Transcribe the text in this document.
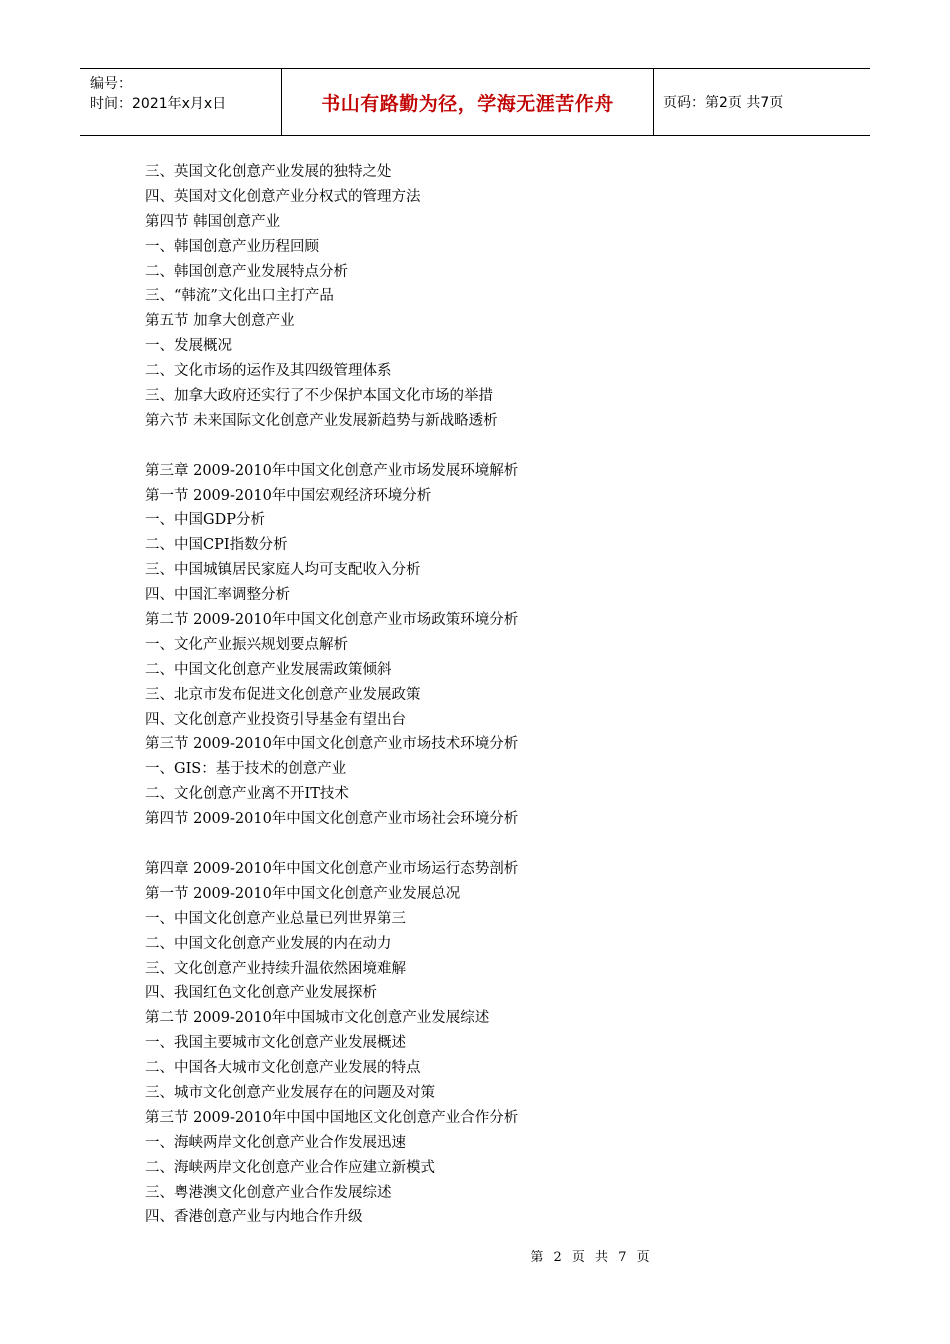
编号：
时间：2021年x月x日	书山有路勤为径，学海无涯苦作舟	页码：第2页 共7页
三、英国文化创意产业发展的独特之处
四、英国对文化创意产业分权式的管理方法
第四节 韩国创意产业
一、韩国创意产业历程回顾
二、韩国创意产业发展特点分析
三、“韩流”文化出口主打产品
第五节 加拿大创意产业
一、发展概况
二、文化市场的运作及其四级管理体系
三、加拿大政府还实行了不少保护本国文化市场的举措
第六节 未来国际文化创意产业发展新趋势与新战略透析
第三章 2009-2010年中国文化创意产业市场发展环境解析
第一节 2009-2010年中国宏观经济环境分析
一、中国GDP分析
二、中国CPI指数分析
三、中国城镇居民家庭人均可支配收入分析
四、中国汇率调整分析
第二节 2009-2010年中国文化创意产业市场政策环境分析
一、文化产业振兴规划要点解析
二、中国文化创意产业发展需政策倾斜
三、北京市发布促进文化创意产业发展政策
四、文化创意产业投资引导基金有望出台
第三节 2009-2010年中国文化创意产业市场技术环境分析
一、GIS：基于技术的创意产业
二、文化创意产业离不开IT技术
第四节 2009-2010年中国文化创意产业市场社会环境分析
第四章 2009-2010年中国文化创意产业市场运行态势剖析
第一节 2009-2010年中国文化创意产业发展总况
一、中国文化创意产业总量已列世界第三
二、中国文化创意产业发展的内在动力
三、文化创意产业持续升温依然困境难解
四、我国红色文化创意产业发展探析
第二节 2009-2010年中国城市文化创意产业发展综述
一、我国主要城市文化创意产业发展概述
二、中国各大城市文化创意产业发展的特点
三、城市文化创意产业发展存在的问题及对策
第三节 2009-2010年中国中国地区文化创意产业合作分析
一、海峡两岸文化创意产业合作发展迅速
二、海峡两岸文化创意产业合作应建立新模式
三、粤港澳文化创意产业合作发展综述
四、香港创意产业与内地合作升级
第 2 页 共 7 页
